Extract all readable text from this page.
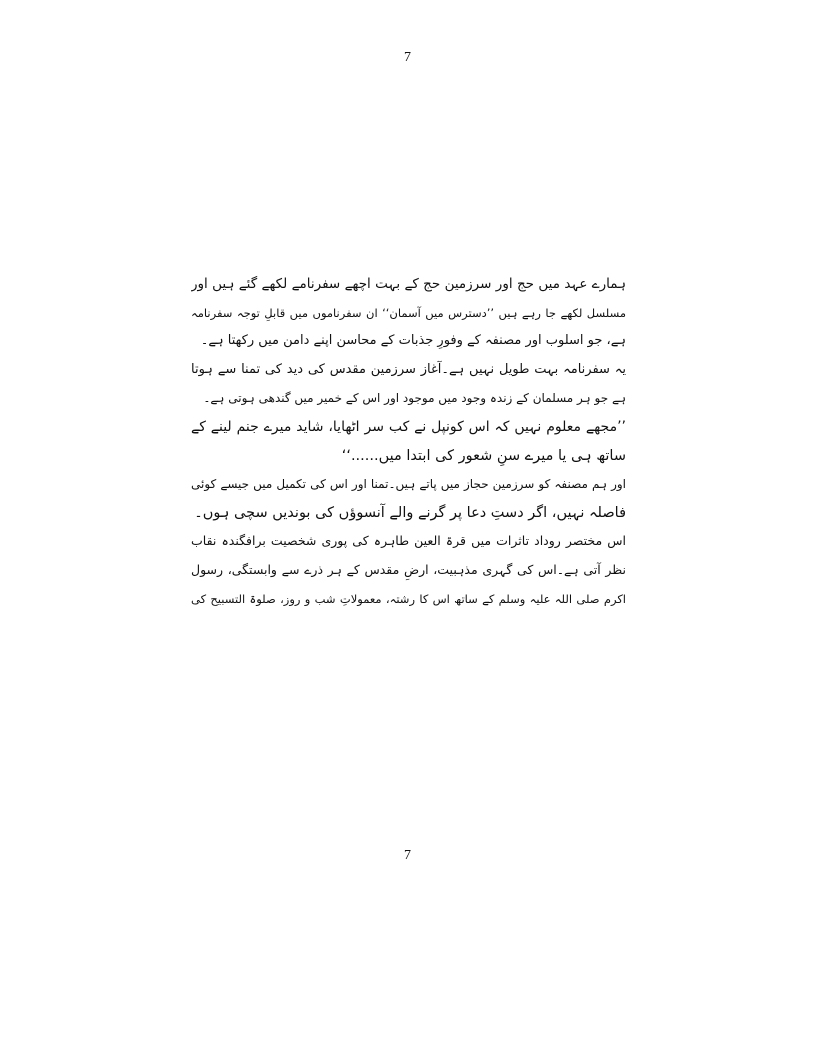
7
ہمارے عہد میں حج اور سرزمین حج کے بہت اچھے سفرنامے لکھے گئے ہیں اور
مسلسل لکھے جا رہے ہیں ’’دسترس میں آسمان‘‘ ان سفرناموں میں قابلِ توجہ سفرنامہ
ہے، جو اسلوب اور مصنفہ کے وفورِ جذبات کے محاسن اپنے دامن میں رکھتا ہے۔
یہ سفرنامہ بہت طویل نہیں ہے۔آغاز سرزمین مقدس کی دید کی تمنا سے ہوتا
ہے جو ہر مسلمان کے زندہ وجود میں موجود اور اس کے خمیر میں گندھی ہوتی ہے۔
’’مجھے معلوم نہیں کہ اس کونپل نے کب سر اٹھایا، شاید میرے جنم لینے کے
ساتھ ہی یا میرے سنِ شعور کی ابتدا میں......‘‘
اور ہم مصنفہ کو سرزمین حجاز میں پاتے ہیں۔تمنا اور اس کی تکمیل میں جیسے کوئی
فاصلہ نہیں، اگر دستِ دعا پر گرنے والے آنسوؤں کی بوندیں سچی ہوں۔
اس مختصر روداد تاثرات میں قرۃ العین طاہرہ کی پوری شخصیت برافگندہ نقاب
نظر آتی ہے۔اس کی گہری مذہبیت، ارضِ مقدس کے ہر ذرے سے وابستگی، رسول
اکرم صلی اللہ علیہ وسلم کے ساتھ اس کا رشتہ، معمولاتِ شب و روز، صلوۃ التسبیح کی
7
